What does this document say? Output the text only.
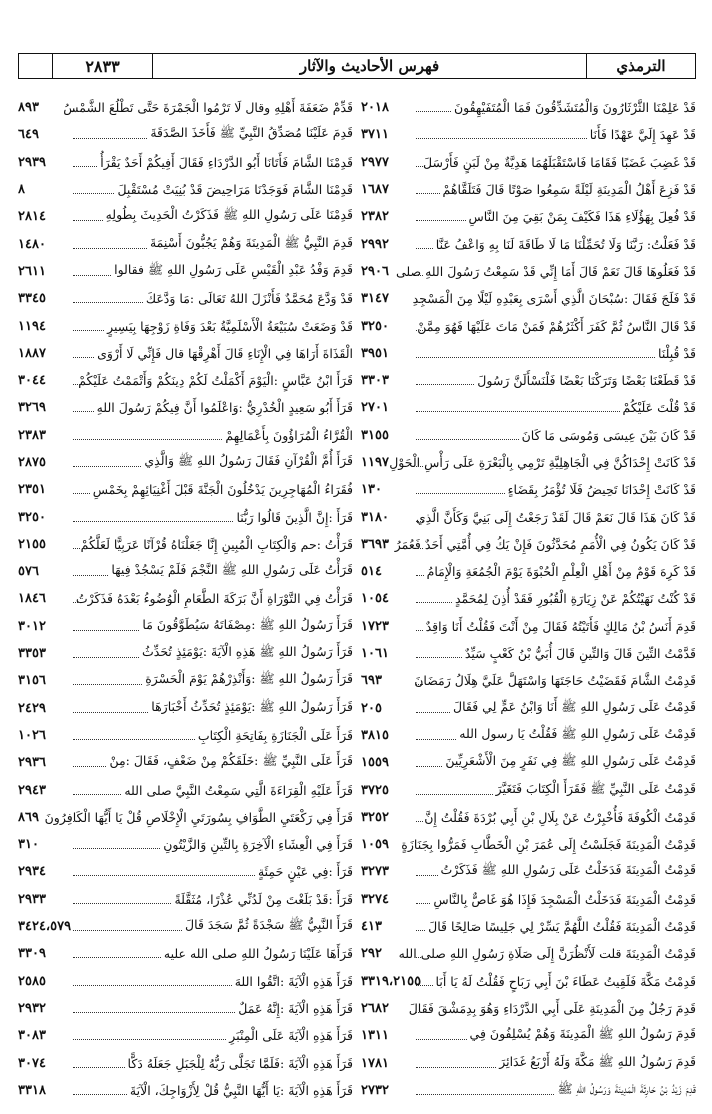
٢٨٣٣	فهرس الأحاديث والآثار	الترمذي
٨٩٣	قَدِّمْ ضَعَفَةَ أَهْلِهِ وقال لَا تَرْمُوا الْجَمْرَةَ حَتَّى تَطْلُعَ الشَّمْسُ
٦٤٩	قَدِمَ عَلَيْنَا مُصَدِّقُ النَّبِيِّ ﷺ فَأَخَذَ الصَّدَقَةَ
٢٩٣٩	قَدِمْنَا الشَّامَ فَأَتَانَا أَبُو الدَّرْدَاءِ فَقَالَ أَفِيكُمْ أَحَدٌ يَقْرَأُ
٨	قَدِمْنَا الشَّامَ فَوَجَدْنَا مَرَاحِيضَ قَدْ بُنِيَتْ مُسْتَقْبِلَ
٢٨١٤	قَدِمْنَا عَلَى رَسُولِ اللهِ ﷺ فَذَكَرْتُ الْحَدِيثَ بِطُولِهِ
١٤٨٠	قَدِمَ النَّبِيُّ ﷺ الْمَدِينَةَ وَهُمْ يَجُبُّونَ أَسْنِمَةَ
٢٦١١	قَدِمَ وَفْدُ عَبْدِ الْقَيْسِ عَلَى رَسُولِ اللهِ ﷺ فقالوا
٣٣٤٥	قَدْ وَدَّعَ مُحَمَّدٌ فَأَنْزَلَ اللهُ تَعَالَى :مَا وَدَّعَكَ
١١٩٤	قَدْ وَضَعَتْ سُبَيْعَةُ الْأَسْلَمِيَّةُ بَعْدَ وَفَاةِ زَوْجِهَا بِيَسِيرٍ
١٨٨٧	الْقَذَاةَ أَرَاهَا فِي الْإِنَاءِ قَالَ أَهْرِقْهَا قال فَإِنِّي لَا أَرْوَى
٣٠٤٤	قَرَأَ ابْنُ عَبَّاسٍ :الْيَوْمَ أَكْمَلْتُ لَكُمْ دِينَكُمْ وَأَتْمَمْتُ عَلَيْكُمْ
٣٢٦٩	قَرَأَ أَبُو سَعِيدٍ الْخُدْرِيُّ :وَاعْلَمُوا أَنَّ فِيكُمْ رَسُولَ اللهِ
٢٣٨٣	الْقُرَّاءُ الْمُرَاؤُونَ بِأَعْمَالِهِمْ
٢٨٧٥	قَرَأَ أُمَّ الْقُرْآنِ فَقَالَ رَسُولُ اللهِ ﷺ وَالَّذِي
٢٣٥١	فُقَرَاءُ الْمُهَاجِرِينَ يَدْخُلُونَ الْجَنَّةَ قَبْلَ أَغْنِيَائِهِمْ بِخَمْسِ
٣٢٥٠	قَرَأَ :إِنَّ الَّذِينَ قَالُوا رَبُّنَا
٢١٥٥	قَرَأْتُ :حم وَالْكِتَابِ الْمُبِينِ إِنَّا جَعَلْنَاهُ قُرْآنًا عَرَبِيًّا لَعَلَّكُمْ
٥٧٦	قَرَأْتُ عَلَى رَسُولِ اللهِ ﷺ النَّجْمَ فَلَمْ يَسْجُدْ فِيهَا
١٨٤٦	قَرَأْتُ فِي التَّوْرَاةِ أَنَّ بَرَكَةَ الطَّعَامِ الْوُضُوءُ بَعْدَهُ فَذَكَرْتُ
٣٠١٢	قَرَأَ رَسُولُ اللهِ ﷺ :مِصْفَاتَهُ سَيُطَوَّقُونَ مَا
٣٣٥٣	قَرَأَ رَسُولُ اللهِ ﷺ هَذِهِ الْآيَةَ :يَوْمَئِذٍ تُحَدِّثُ
٣١٥٦	قَرَأَ رَسُولُ اللهِ ﷺ :وَأَنْذِرْهُمْ يَوْمَ الْحَسْرَةِ
٢٤٢٩	قَرَأَ رَسُولُ اللهِ ﷺ :يَوْمَئِذٍ تُحَدِّثُ أَخْبَارَهَا
١٠٢٦	قَرَأَ عَلَى الْجَنَازَةِ بِفَاتِحَةِ الْكِتَابِ
٢٩٣٦	قَرَأَ عَلَى النَّبِيِّ ﷺ :خَلَقَكُمْ مِنْ ضَعْفٍ، فَقَالَ :مِنْ
٢٩٤٣	قَرَأَ عَلَيْهِ الْقِرَاءَةَ الَّتِي سَمِعْتُ النَّبِيَّ صلى الله
٨٦٩ قَرَأَ فِي رَكْعَتَيِ الطَّوَافِ بِسُورَتَيِ الْإِخْلَاصِ قُلْ يَا أَيُّهَا الْكَافِرُونَ
٣١٠	قَرَأَ فِي الْعِشَاءِ الْآخِرَةِ بِالتِّينِ وَالزَّيْتُونِ
٢٩٣٤	قَرَأَ :فِي عَيْنٍ حَمِئَةٍ
٢٩٣٣	قَرَأَ :قَدْ بَلَغْتَ مِنْ لَدُنِّي عُذْرًا، مُثَقَّلَةً
٣٤٢٤،٥٧٩	قَرَأَ النَّبِيُّ ﷺ سَجْدَةً ثُمَّ سَجَدَ قَالَ
٣٣٠٩	قَرَأَهَا عَلَيْنَا رَسُولُ اللهِ صلى الله عليه
٢٥٨٥	قَرَأَ هَذِهِ الْآيَةَ :اتَّقُوا اللهَ
٢٩٣٢	قَرَأَ هَذِهِ الْآيَةَ :إِنَّهُ عَمَلٌ
٣٠٨٣	قَرَأَ هَذِهِ الْآيَةَ عَلَى الْمِنْبَرِ
٣٠٧٤	قَرَأَ هَذِهِ الْآيَةَ :فَلَمَّا تَجَلَّى رَبُّهُ لِلْجَبَلِ جَعَلَهُ دَكًّا
٣٣١٨	قَرَأَ هَذِهِ الْآيَةَ :يَا أَيُّهَا النَّبِيُّ قُلْ لِأَزْوَاجِكَ، الْآيَةَ
٢٠١٨	قَدْ عَلِمْنَا الثَّرْثَارُونَ وَالْمُتَشَدِّقُونَ فَمَا الْمُتَفَيْهِقُونَ
٣٧١١	قَدْ عَهِدَ إِلَيَّ عَهْدًا فَأَنَا
٢٩٧٧	قَدْ غَضِبَ غَضَبًا فَقَامَا فَاسْتَقْبَلَهُمَا هَدِيَّةٌ مِنْ لَبَنٍ فَأَرْسَلَ
١٦٨٧	قَدْ فَزِعَ أَهْلُ الْمَدِينَةِ لَيْلَةً سَمِعُوا صَوْتًا قَالَ فَتَلَقَّاهُمْ
٢٣٨٢	قَدْ فُعِلَ بِهَؤُلَاءِ هَذَا فَكَيْفَ بِمَنْ بَقِيَ مِنَ النَّاسِ
٢٩٩٢	قَدْ فَعَلْتُ: رَبَّنَا وَلَا تُحَمِّلْنَا مَا لَا طَاقَةَ لَنَا بِهِ وَاعْفُ عَنَّا
٢٩٠٦ قَدْ فَعَلُوهَا قَالَ نَعَمْ قَالَ أَمَا إِنِّي قَدْ سَمِعْتُ رَسُولَ اللهِ صلى
٣١٤٧	قَدْ فَلَجَ فَقَالَ :سُبْحَانَ الَّذِي أَسْرَى بِعَبْدِهِ لَيْلًا مِنَ الْمَسْجِدِ
٣٢٥٠	قَدْ قَالَ النَّاسُ ثُمَّ كَفَرَ أَكْثَرُهُمْ فَمَنْ مَاتَ عَلَيْهَا فَهُوَ مِمَّنْ
٣٩٥١	قَدْ قُبِلْنَا
٣٣٠٣	قَدْ قَطَعْنَا بَعْضًا وَتَرَكْنَا بَعْضًا فَلْنَسْأَلَنَّ رَسُولَ
٢٧٠١	قَدْ قُلْتَ عَلَيْكُمْ
٣١٥٥	قَدْ كَانَ بَيْنَ عِيسَى وَمُوسَى مَا كَانَ
١١٩٧ قَدْ كَانَتْ إِحْدَاكُنَّ فِي الْجَاهِلِيَّةِ تَرْمِي بِالْبَعْرَةِ عَلَى رَأْسِ الْحَوْلِ
١٣٠	قَدْ كَانَتْ إِحْدَانَا تَحِيضُ فَلَا تُؤْمَرُ بِقَضَاءٍ
٣١٨٠	قَدْ كَانَ هَذَا قَالَ نَعَمْ قَالَ لَقَدْ رَجَعْتُ إِلَى بَنِيَّ وَكَأَنَّ الَّذِي
٣٦٩٣ قَدْ كَانَ يَكُونُ فِي الْأُمَمِ مُحَدَّثُونَ فَإِنْ يَكُ فِي أُمَّتِي أَحَدٌ فَعُمَرُ
٥١٤	قَدْ كَرِهَ قَوْمٌ مِنْ أَهْلِ الْعِلْمِ الْحُبْوَةَ يَوْمَ الْجُمُعَةِ وَالْإِمَامُ
١٠٥٤	قَدْ كُنْتُ نَهَيْتُكُمْ عَنْ زِيَارَةِ الْقُبُورِ فَقَدْ أُذِنَ لِمُحَمَّدٍ
١٧٢٣	قَدِمَ أَنَسُ بْنُ مَالِكٍ فَأَتَيْتُهُ فَقَالَ مِنْ أَنْتَ فَقُلْتُ أَنَا وَاقِدٌ
١٠٦١	قَدَّمْتُ التِّينَ قَالَ وَالتِّينِ قَالَ أُبَيُّ بْنُ كَعْبٍ سَيِّدٌ
٦٩٣	قَدِمْتُ الشَّامَ فَقَضَيْتُ حَاجَتَهَا وَاسْتَهَلَّ عَلَيَّ هِلَالُ رَمَضَانَ
٢٠٥	قَدِمْتُ عَلَى رَسُولِ اللهِ ﷺ أَنَا وَابْنُ عَمٍّ لِي فَقَالَ
٣٨١٥	قَدِمْتُ عَلَى رَسُولِ اللهِ ﷺ فَقُلْتُ يَا رسول الله
١٥٥٩	قَدِمْتُ عَلَى رَسُولِ اللهِ ﷺ فِي نَفَرٍ مِنَ الْأَشْعَرِيِّينَ
٣٧٢٥	قَدِمْتُ عَلَى النَّبِيِّ ﷺ فَقَرَأَ الْكِتَابَ فَتَغَيَّرَ
٣٢٥٢	قَدِمْتُ الْكُوفَةَ فَأُخْبِرْتُ عَنْ بِلَالِ بْنِ أَبِي بُرْدَةَ فَقُلْتُ إِنَّ
١٠٥٩ قَدِمْتُ الْمَدِينَةَ فَجَلَسْتُ إِلَى عُمَرَ بْنِ الْخَطَّابِ فَمَرُّوا بِجَنَازَةٍ
٣٢٧٣	قَدِمْتُ الْمَدِينَةَ فَدَخَلْتُ عَلَى رَسُولِ اللهِ ﷺ فَذَكَرْتُ
٣٢٧٤	قَدِمْتُ الْمَدِينَةَ فَدَخَلْتُ الْمَسْجِدَ فَإِذَا هُوَ غَاصٌّ بِالنَّاسِ
٤١٣	قَدِمْتُ الْمَدِينَةَ فَقُلْتُ اللَّهُمَّ يَسِّرْ لِي جَلِيسًا صَالِحًا قَالَ
٢٩٢	قَدِمْتُ الْمَدِينَةَ قلت لَأَنْظُرَنَّ إِلَى صَلَاةِ رَسُولِ اللهِ صلى الله
٣٣١٩،٢١٥٥ قَدِمْتُ مَكَّةَ فَلَقِيتُ عَطَاءَ بْنَ أَبِي رَبَاحٍ فَقُلْتُ لَهُ يَا أَبَا
٢٦٨٢	قَدِمَ رَجُلٌ مِنَ الْمَدِينَةِ عَلَى أَبِي الدَّرْدَاءِ وَهُوَ بِدِمَشْقَ فَقَالَ
١٣١١	قَدِمَ رَسُولُ اللهِ ﷺ الْمَدِينَةَ وَهُمْ يُسْلِفُونَ فِي
١٧٨١	قَدِمَ رَسُولُ اللهِ ﷺ مَكَّةَ وَلَهُ أَرْبَعُ غَدَائِرَ
٢٧٣٢	قَدِمَ زَيْدُ بْنُ حَارِثَةَ الْمَدِينَةَ وَرَسُولُ اللهِ ﷺ
